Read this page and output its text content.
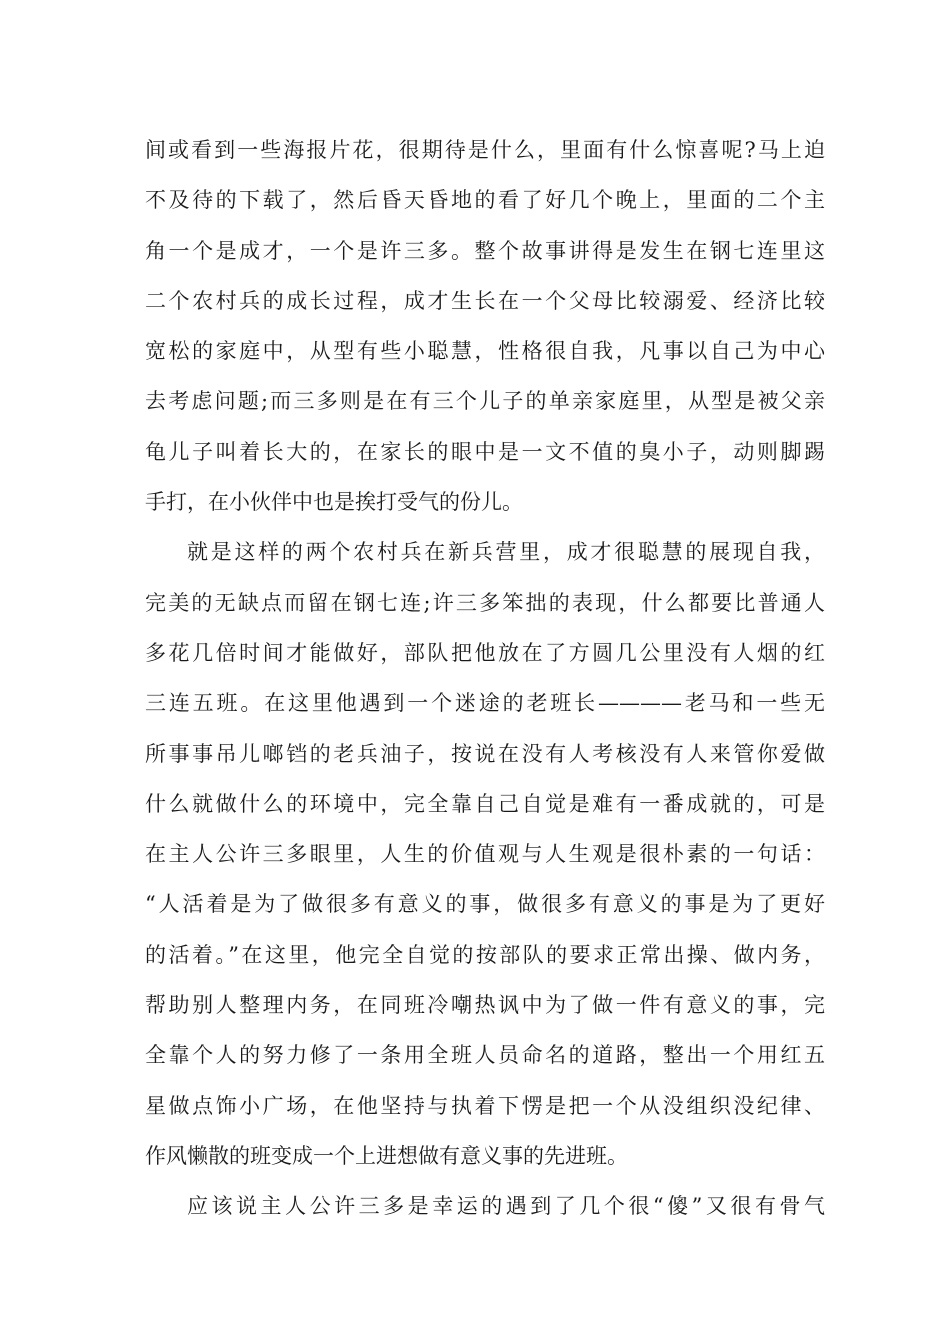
间或看到一些海报片花，很期待是什么，里面有什么惊喜呢?马上迫
不及待的下载了，然后昏天昏地的看了好几个晚上，里面的二个主
角一个是成才，一个是许三多。整个故事讲得是发生在钢七连里这
二个农村兵的成长过程，成才生长在一个父母比较溺爱、经济比较
宽松的家庭中，从型有些小聪慧，性格很自我，凡事以自己为中心
去考虑问题;而三多则是在有三个儿子的单亲家庭里，从型是被父亲
龟儿子叫着长大的，在家长的眼中是一文不值的臭小子，动则脚踢
手打，在小伙伴中也是挨打受气的份儿。
就是这样的两个农村兵在新兵营里，成才很聪慧的展现自我，
完美的无缺点而留在钢七连;许三多笨拙的表现，什么都要比普通人
多花几倍时间才能做好，部队把他放在了方圆几公里没有人烟的红
三连五班。在这里他遇到一个迷途的老班长————老马和一些无
所事事吊儿啷铛的老兵油子，按说在没有人考核没有人来管你爱做
什么就做什么的环境中，完全靠自己自觉是难有一番成就的，可是
在主人公许三多眼里，人生的价值观与人生观是很朴素的一句话：
“人活着是为了做很多有意义的事，做很多有意义的事是为了更好
的活着。”在这里，他完全自觉的按部队的要求正常出操、做内务，
帮助别人整理内务，在同班冷嘲热讽中为了做一件有意义的事，完
全靠个人的努力修了一条用全班人员命名的道路，整出一个用红五
星做点饰小广场，在他坚持与执着下愣是把一个从没组织没纪律、
作风懒散的班变成一个上进想做有意义事的先进班。
应该说主人公许三多是幸运的遇到了几个很“傻”又很有骨气
